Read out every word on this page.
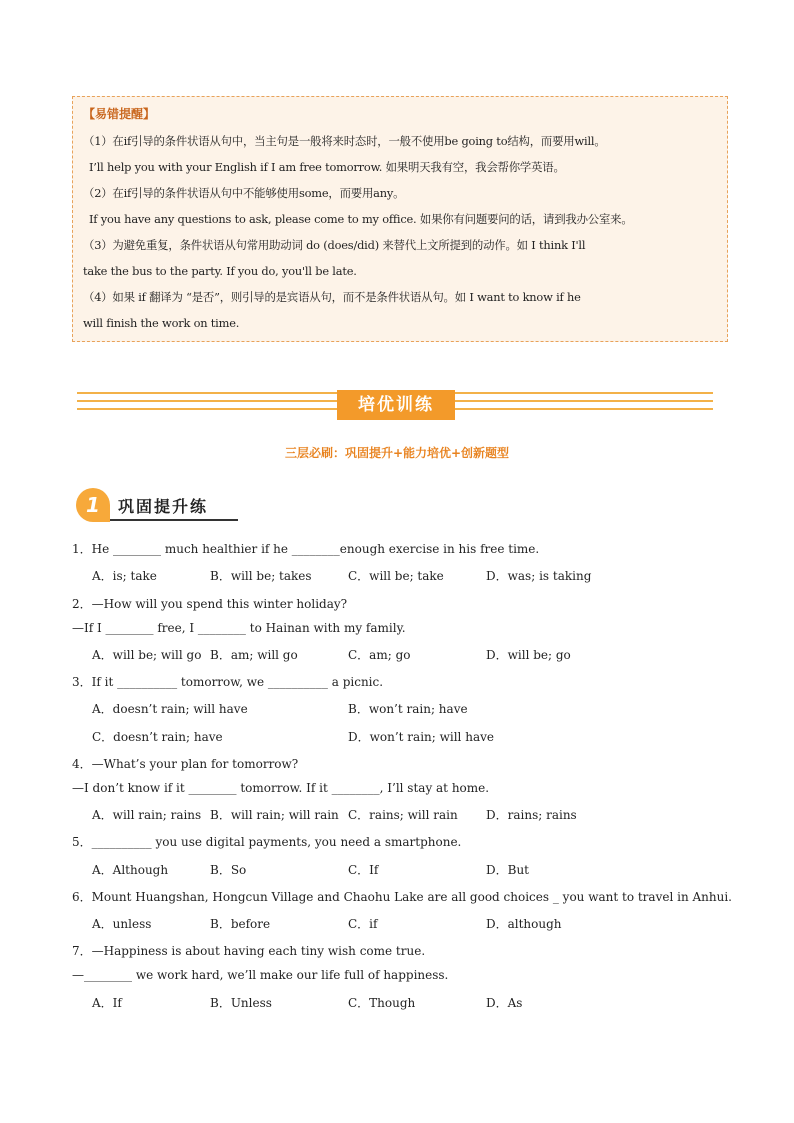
【易错提醒】
（1）在if引导的条件状语从句中，当主句是一般将来时态时，一般不使用be going to结构，而要用will。
I’ll help you with your English if I am free tomorrow. 如果明天我有空，我会帮你学英语。
（2）在if引导的条件状语从句中不能够使用some，而要用any。
If you have any questions to ask, please come to my office. 如果你有问题要问的话，请到我办公室来。
（3）为避免重复，条件状语从句常用助动词 do (does/did) 来替代上文所提到的动作。如 I think I'll
take the bus to the party. If you do, you'll be late.
（4）如果 if 翻译为 “是否”，则引导的是宾语从句，而不是条件状语从句。如 I want to know if he
will finish the work on time.
培优训练
三层必刷：巩固提升+能力培优+创新题型
1	巩固提升练
1．He ________ much healthier if he ________enough exercise in his free time.
A．is; take	B．will be; takes	C．will be; take	D．was; is taking
2．—How will you spend this winter holiday?
—If I ________ free, I ________ to Hainan with my family.
A．will be; will go B．am; will go	C．am; go	D．will be; go
3．If it __________ tomorrow, we __________ a picnic.
A．doesn’t rain; will have	B．won’t rain; have
C．doesn’t rain; have	D．won’t rain; will have
4．—What’s your plan for tomorrow?
—I don’t know if it ________ tomorrow. If it ________, I’ll stay at home.
A．will rain; rains B．will rain; will rain C．rains; will rain D．rains; rains
5．__________ you use digital payments, you need a smartphone.
A．Although	B．So	C．If	D．But
6．Mount Huangshan, Hongcun Village and Chaohu Lake are all good choices _ you want to travel in Anhui.
A．unless	B．before	C．if	D．although
7．—Happiness is about having each tiny wish come true.
—________ we work hard, we’ll make our life full of happiness.
A．If	B．Unless	C．Though	D．As
